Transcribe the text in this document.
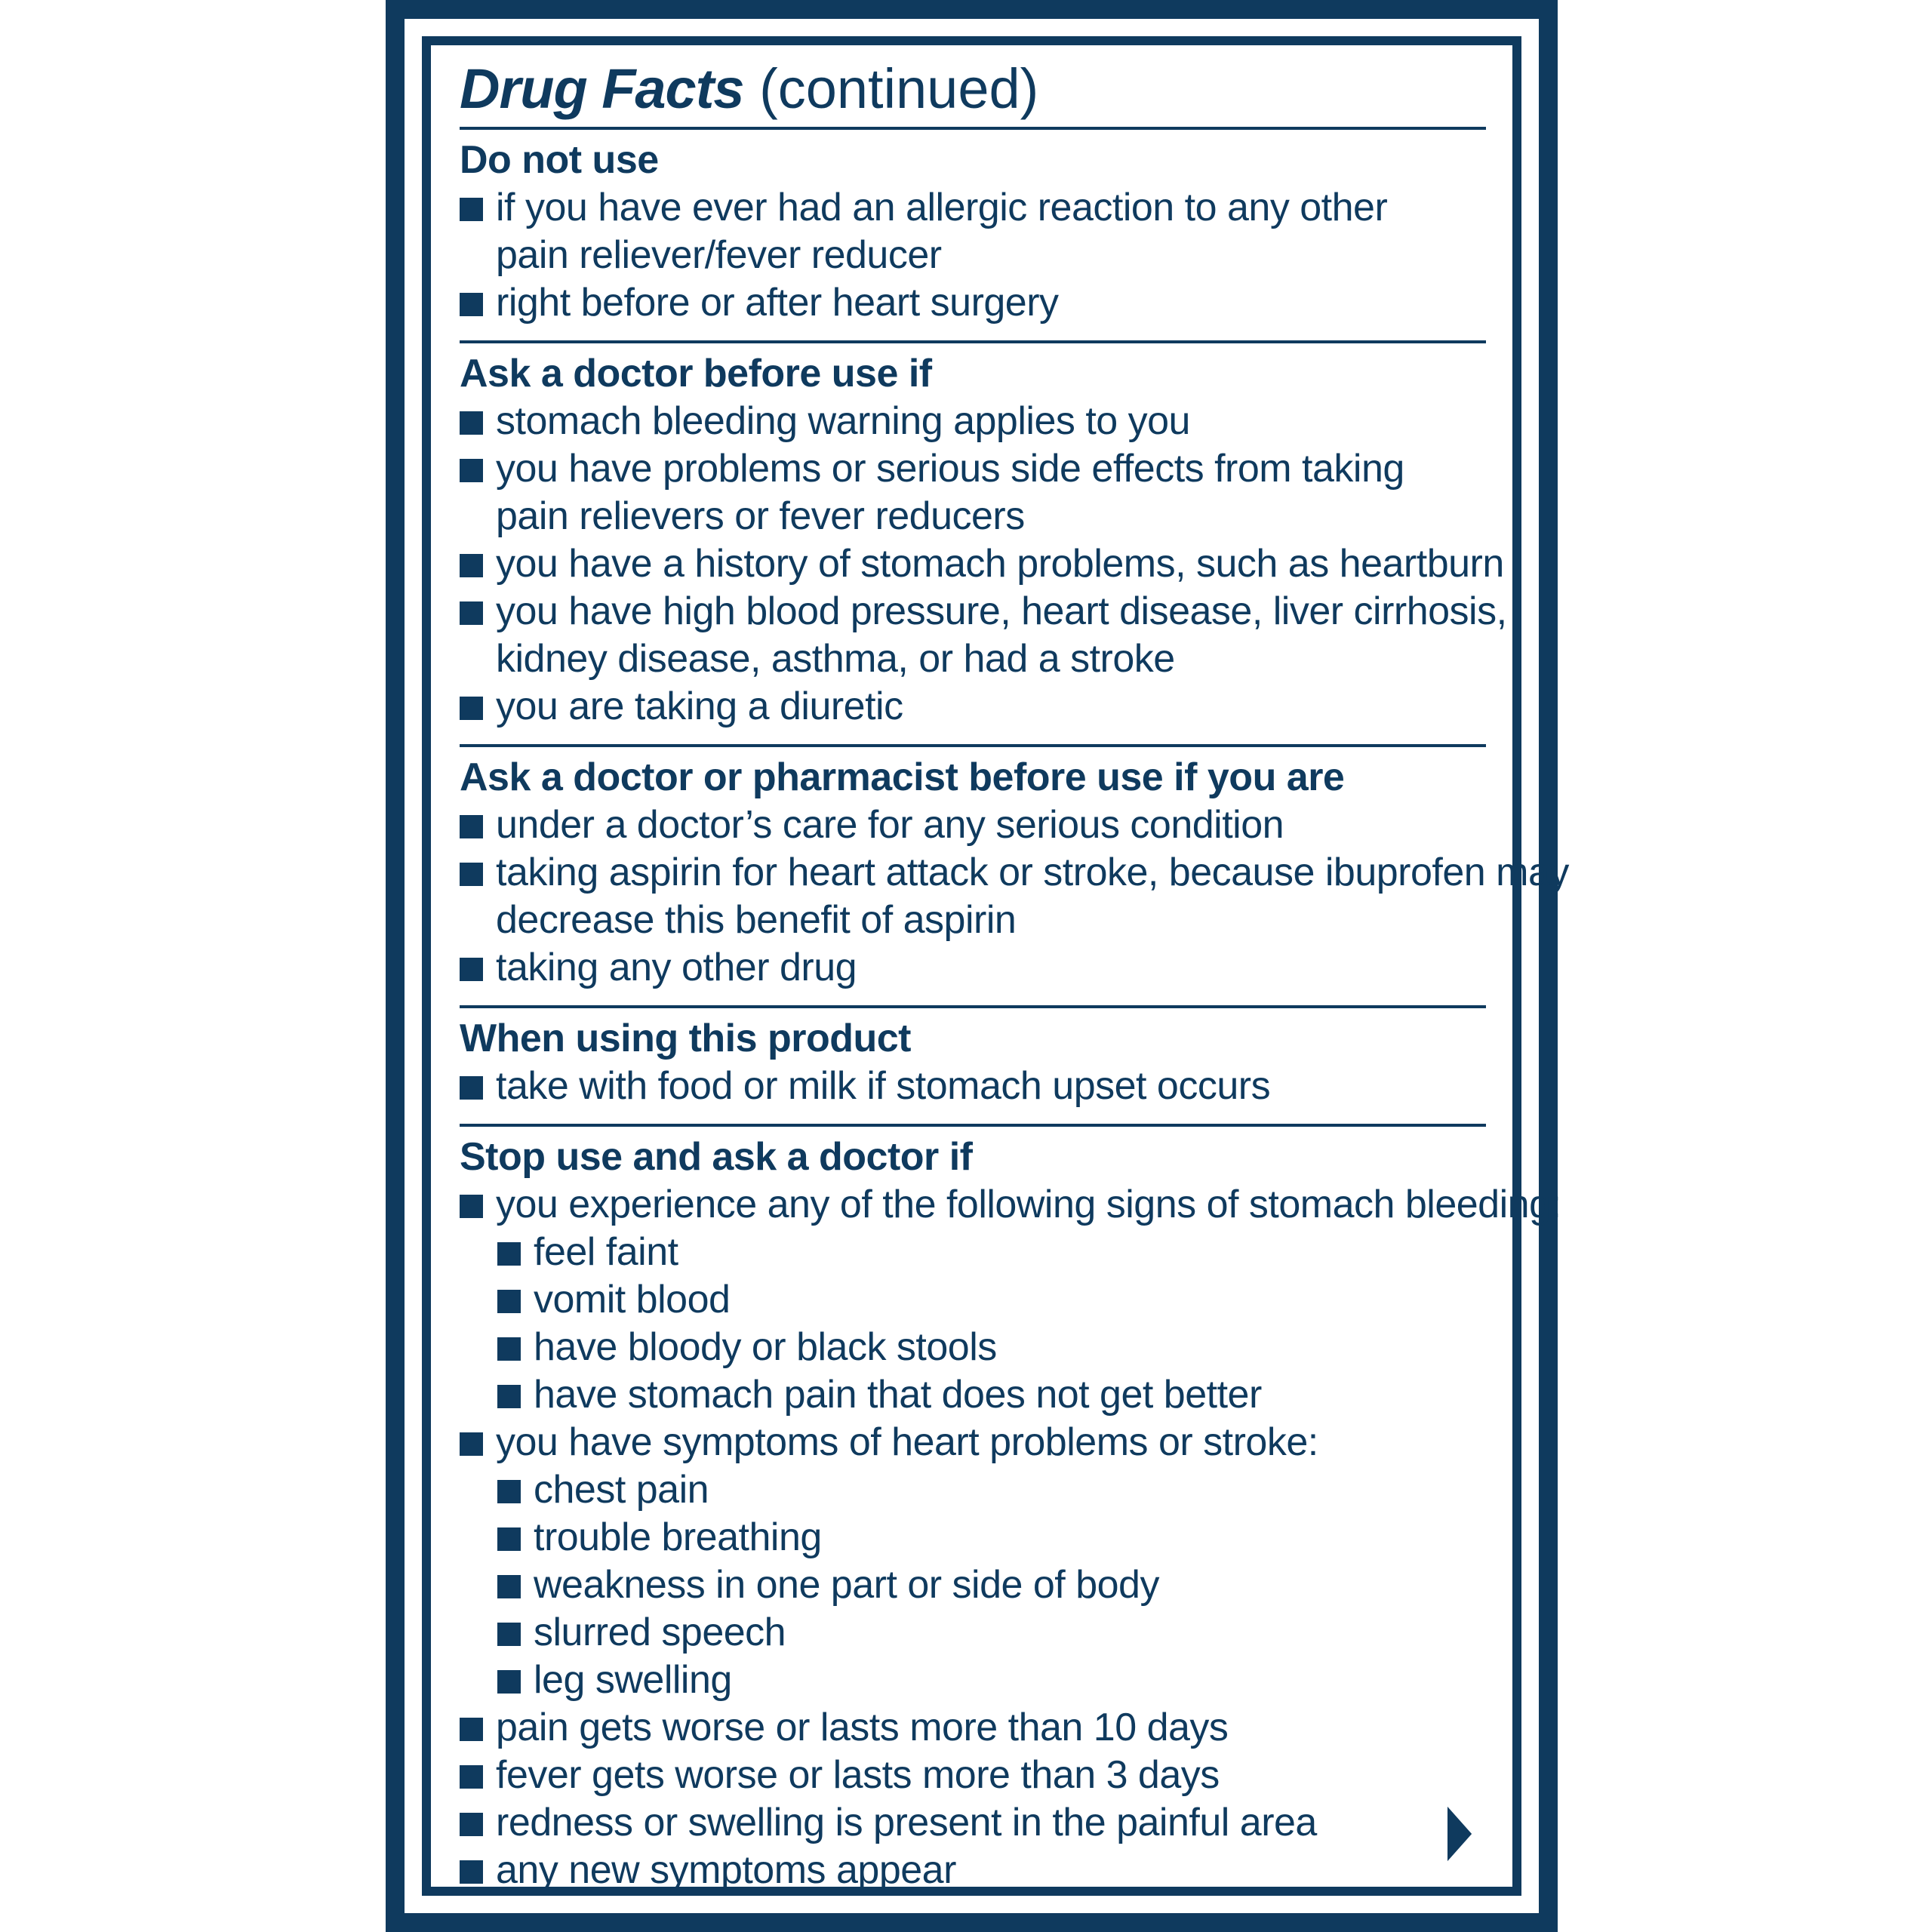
Drug Facts (continued)
Do not use
if you have ever had an allergic reaction to any other
pain reliever/fever reducer
right before or after heart surgery
Ask a doctor before use if
stomach bleeding warning applies to you
you have problems or serious side effects from taking
pain relievers or fever reducers
you have a history of stomach problems, such as heartburn
you have high blood pressure, heart disease, liver cirrhosis,
kidney disease, asthma, or had a stroke
you are taking a diuretic
Ask a doctor or pharmacist before use if you are
under a doctor’s care for any serious condition
taking aspirin for heart attack or stroke, because ibuprofen may
decrease this benefit of aspirin
taking any other drug
When using this product
take with food or milk if stomach upset occurs
Stop use and ask a doctor if
you experience any of the following signs of stomach bleeding:
feel faint
vomit blood
have bloody or black stools
have stomach pain that does not get better
you have symptoms of heart problems or stroke:
chest pain
trouble breathing
weakness in one part or side of body
slurred speech
leg swelling
pain gets worse or lasts more than 10 days
fever gets worse or lasts more than 3 days
redness or swelling is present in the painful area
any new symptoms appear
